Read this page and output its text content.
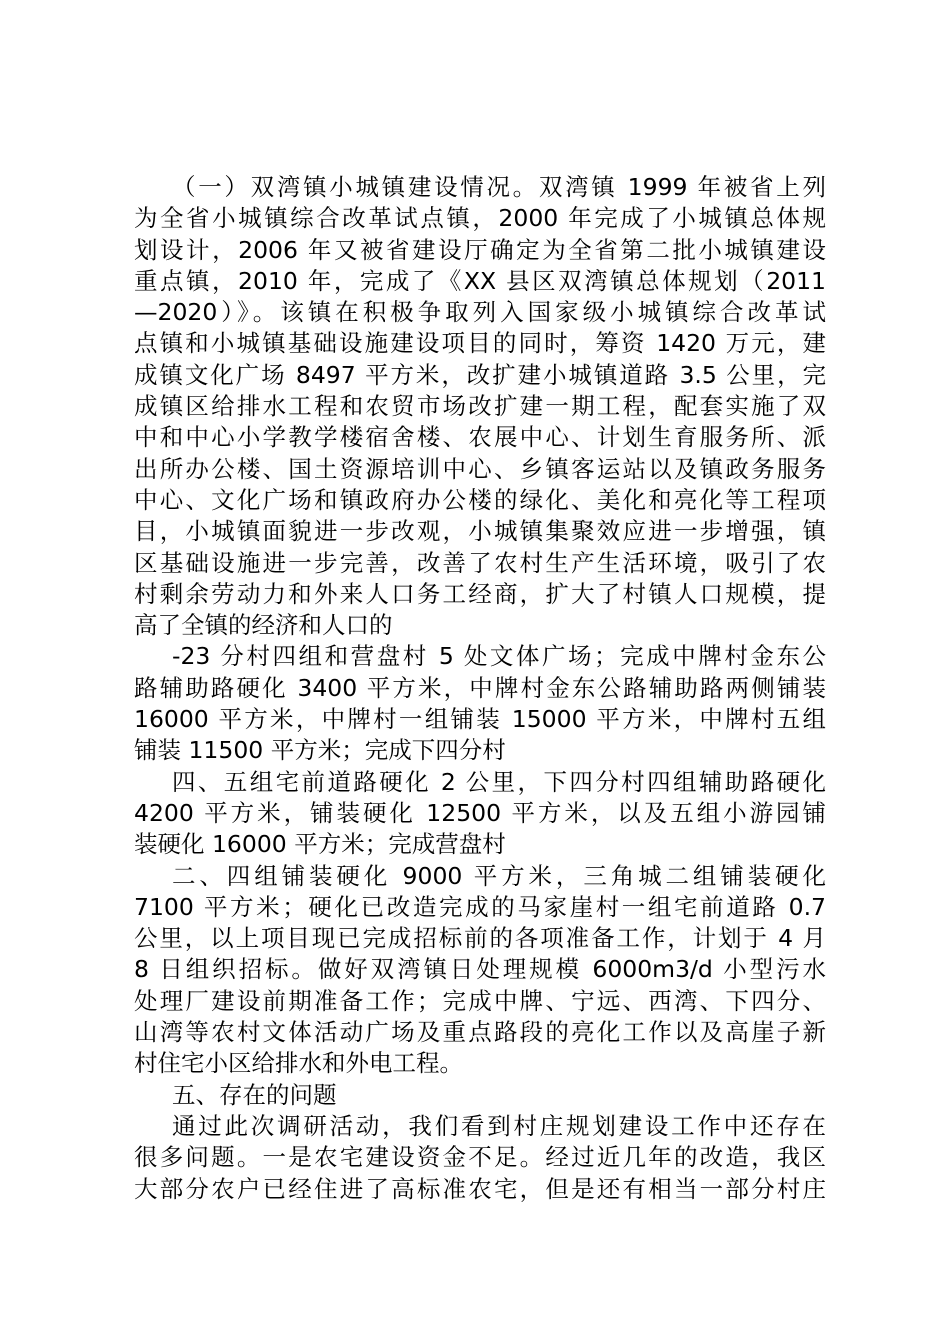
（一）双湾镇小城镇建设情况。双湾镇 1999 年被省上列
为全省小城镇综合改革试点镇，2000 年完成了小城镇总体规
划设计，2006 年又被省建设厅确定为全省第二批小城镇建设
重点镇，2010 年，完成了《XX 县区双湾镇总体规划（2011
—2020）》。该镇在积极争取列入国家级小城镇综合改革试
点镇和小城镇基础设施建设项目的同时，筹资 1420 万元，建
成镇文化广场 8497 平方米，改扩建小城镇道路 3.5 公里，完
成镇区给排水工程和农贸市场改扩建一期工程，配套实施了双
中和中心小学教学楼宿舍楼、农展中心、计划生育服务所、派
出所办公楼、国土资源培训中心、乡镇客运站以及镇政务服务
中心、文化广场和镇政府办公楼的绿化、美化和亮化等工程项
目，小城镇面貌进一步改观，小城镇集聚效应进一步增强，镇
区基础设施进一步完善，改善了农村生产生活环境，吸引了农
村剩余劳动力和外来人口务工经商，扩大了村镇人口规模，提
高了全镇的经济和人口的
-23 分村四组和营盘村 5 处文体广场；完成中牌村金东公
路辅助路硬化 3400 平方米，中牌村金东公路辅助路两侧铺装
16000 平方米，中牌村一组铺装 15000 平方米，中牌村五组
铺装 11500 平方米；完成下四分村
四、五组宅前道路硬化 2 公里，下四分村四组辅助路硬化
4200 平方米，铺装硬化 12500 平方米，以及五组小游园铺
装硬化 16000 平方米；完成营盘村
二、四组铺装硬化 9000 平方米，三角城二组铺装硬化
7100 平方米；硬化已改造完成的马家崖村一组宅前道路 0.7
公里，以上项目现已完成招标前的各项准备工作，计划于 4 月
8 日组织招标。做好双湾镇日处理规模 6000m3/d 小型污水
处理厂建设前期准备工作；完成中牌、宁远、西湾、下四分、
山湾等农村文体活动广场及重点路段的亮化工作以及高崖子新
村住宅小区给排水和外电工程。
五、存在的问题
通过此次调研活动，我们看到村庄规划建设工作中还存在
很多问题。一是农宅建设资金不足。经过近几年的改造，我区
大部分农户已经住进了高标准农宅，但是还有相当一部分村庄
